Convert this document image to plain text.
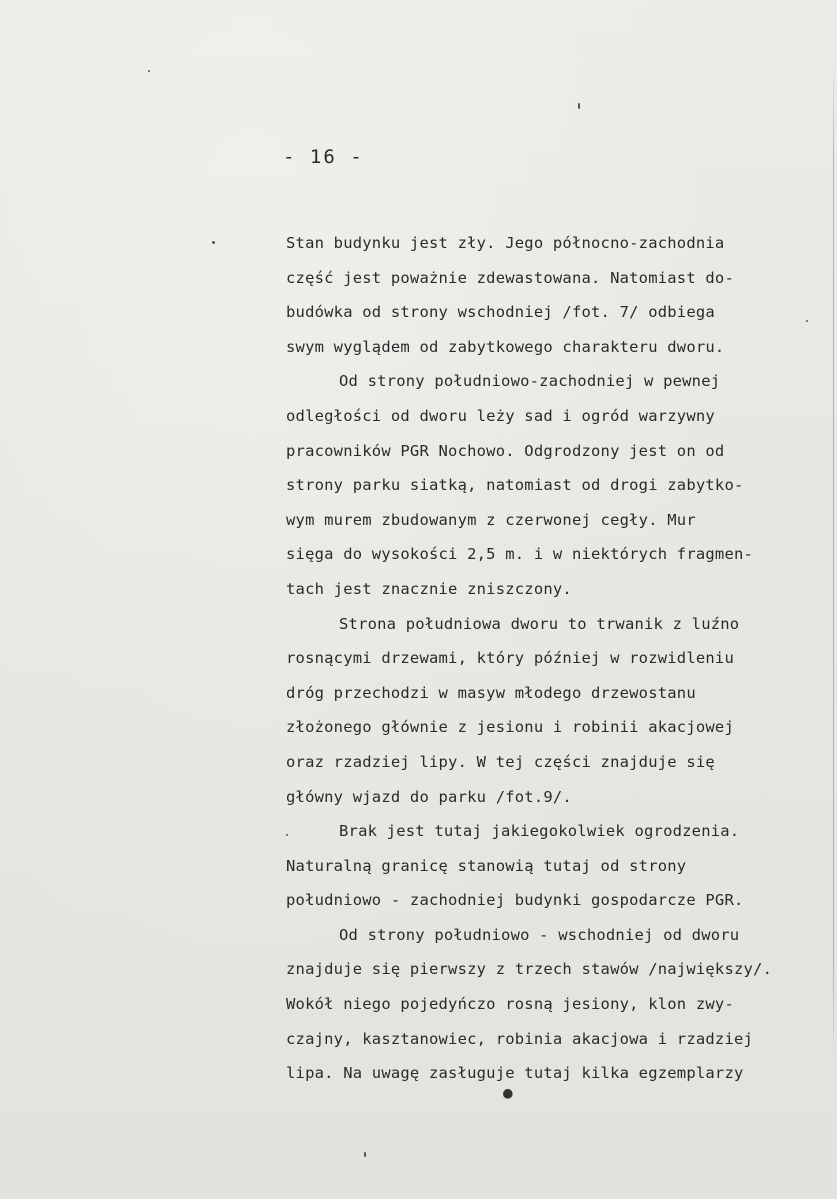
- 16 -
Stan budynku jest zły. Jego północno-zachodnia
część jest poważnie zdewastowana. Natomiast do-
budówka od strony wschodniej /fot. 7/ odbiega
swym wyglądem od zabytkowego charakteru dworu.
Od strony południowo-zachodniej w pewnej
odległości od dworu leży sad i ogród warzywny
pracowników PGR Nochowo. Odgrodzony jest on od
strony parku siatką, natomiast od drogi zabytko-
wym murem zbudowanym z czerwonej cegły. Mur
sięga do wysokości 2,5 m. i w niektórych fragmen-
tach jest znacznie zniszczony.
Strona południowa dworu to trwanik z luźno
rosnącymi drzewami, który później w rozwidleniu
dróg przechodzi w masyw młodego drzewostanu
złożonego głównie z jesionu i robinii akacjowej
oraz rzadziej lipy. W tej części znajduje się
główny wjazd do parku /fot.9/.
Brak jest tutaj jakiegokolwiek ogrodzenia.
Naturalną granicę stanowią tutaj od strony
południowo - zachodniej budynki gospodarcze PGR.
Od strony południowo - wschodniej od dworu
znajduje się pierwszy z trzech stawów /największy/.
Wokół niego pojedyńczo rosną jesiony, klon zwy-
czajny, kasztanowiec, robinia akacjowa i rzadziej
lipa. Na uwagę zasługuje tutaj kilka egzemplarzy
●
